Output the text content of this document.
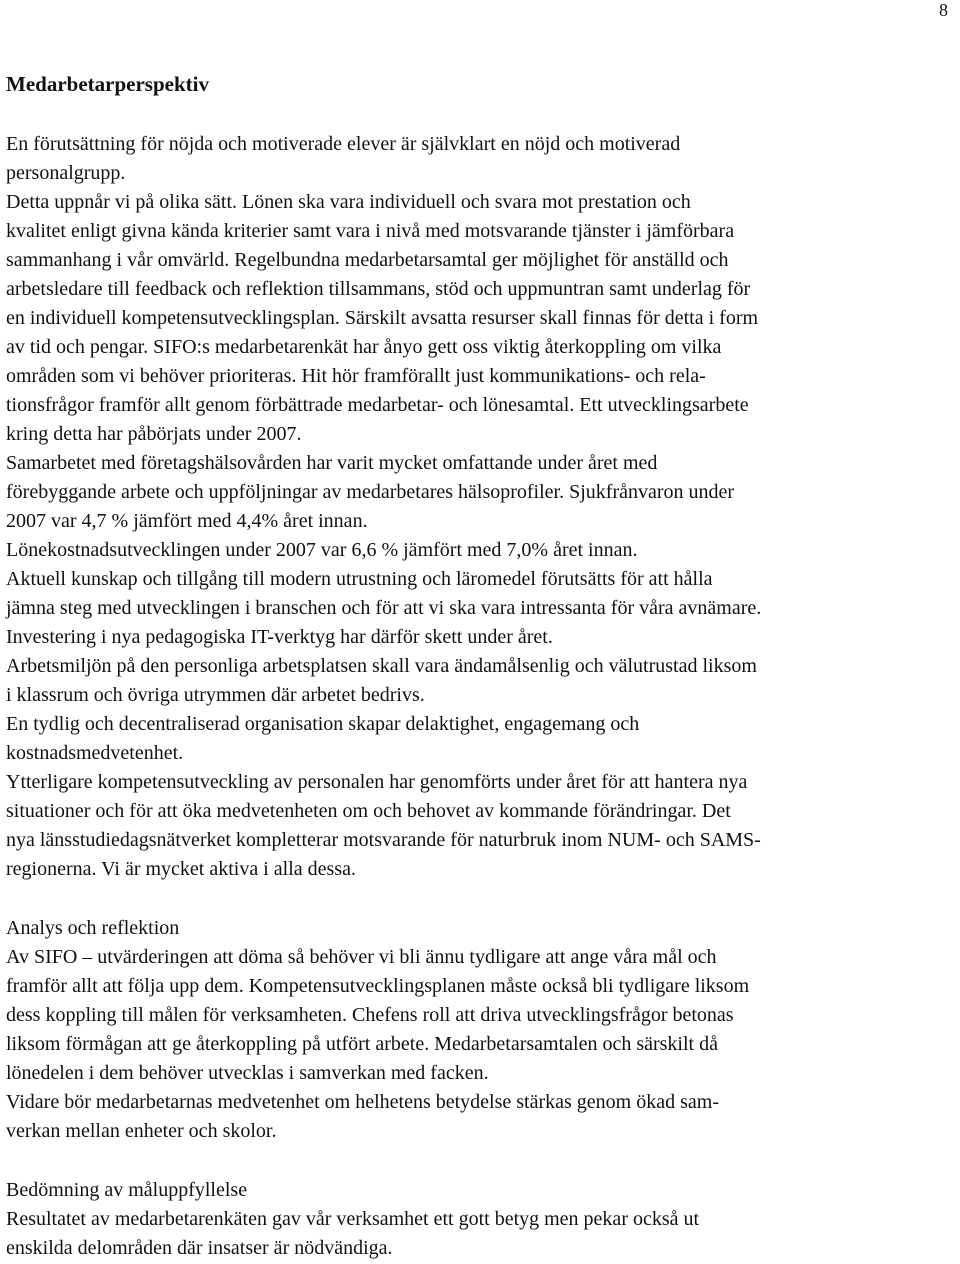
8
Medarbetarperspektiv
En förutsättning för nöjda och motiverade elever är självklart en nöjd och motiverad
personalgrupp.
Detta uppnår vi på olika sätt. Lönen ska vara individuell och svara mot prestation och
kvalitet enligt givna kända kriterier samt vara i nivå med motsvarande tjänster i jämförbara
sammanhang i vår omvärld. Regelbundna medarbetarsamtal ger möjlighet för anställd och
arbetsledare till feedback och reflektion tillsammans, stöd och uppmuntran samt underlag för
en individuell kompetensutvecklingsplan. Särskilt avsatta resurser skall finnas för detta i form
av tid och pengar. SIFO:s medarbetarenkät har ånyo gett oss viktig återkoppling om vilka
områden som vi behöver prioriteras. Hit hör framförallt just kommunikations- och rela-
tionsfrågor framför allt genom förbättrade medarbetar- och lönesamtal. Ett utvecklingsarbete
kring detta har påbörjats under 2007.
Samarbetet med företagshälsovården har varit mycket omfattande under året med
förebyggande arbete och uppföljningar av medarbetares hälsoprofiler. Sjukfrånvaron under
2007 var 4,7 % jämfört med 4,4% året innan.
Lönekostnadsutvecklingen under 2007 var 6,6 % jämfört med 7,0% året innan.
Aktuell kunskap och tillgång till modern utrustning och läromedel förutsätts för att hålla
jämna steg med utvecklingen i branschen och för att vi ska vara intressanta för våra avnämare.
Investering i nya pedagogiska IT-verktyg har därför skett under året.
Arbetsmiljön på den personliga arbetsplatsen skall vara ändamålsenlig och välutrustad liksom
i klassrum och övriga utrymmen där arbetet bedrivs.
En tydlig och decentraliserad organisation skapar delaktighet, engagemang och
kostnadsmedvetenhet.
Ytterligare kompetensutveckling av personalen har genomförts under året för att hantera nya
situationer och för att öka medvetenheten om och behovet av kommande förändringar. Det
nya länsstudiedagsnätverket kompletterar motsvarande för naturbruk inom NUM- och SAMS-
regionerna. Vi är mycket aktiva i alla dessa.
Analys och reflektion
Av SIFO – utvärderingen att döma så behöver vi bli ännu tydligare att ange våra mål och
framför allt att följa upp dem. Kompetensutvecklingsplanen måste också bli tydligare liksom
dess koppling till målen för verksamheten. Chefens roll att driva utvecklingsfrågor betonas
liksom förmågan att ge återkoppling på utfört arbete. Medarbetarsamtalen och särskilt då
lönedelen i dem behöver utvecklas i samverkan med facken.
Vidare bör medarbetarnas medvetenhet om helhetens betydelse stärkas genom ökad sam-
verkan mellan enheter och skolor.
Bedömning av måluppfyllelse
Resultatet av medarbetarenkäten gav vår verksamhet ett gott betyg men pekar också ut
enskilda delområden där insatser är nödvändiga.
